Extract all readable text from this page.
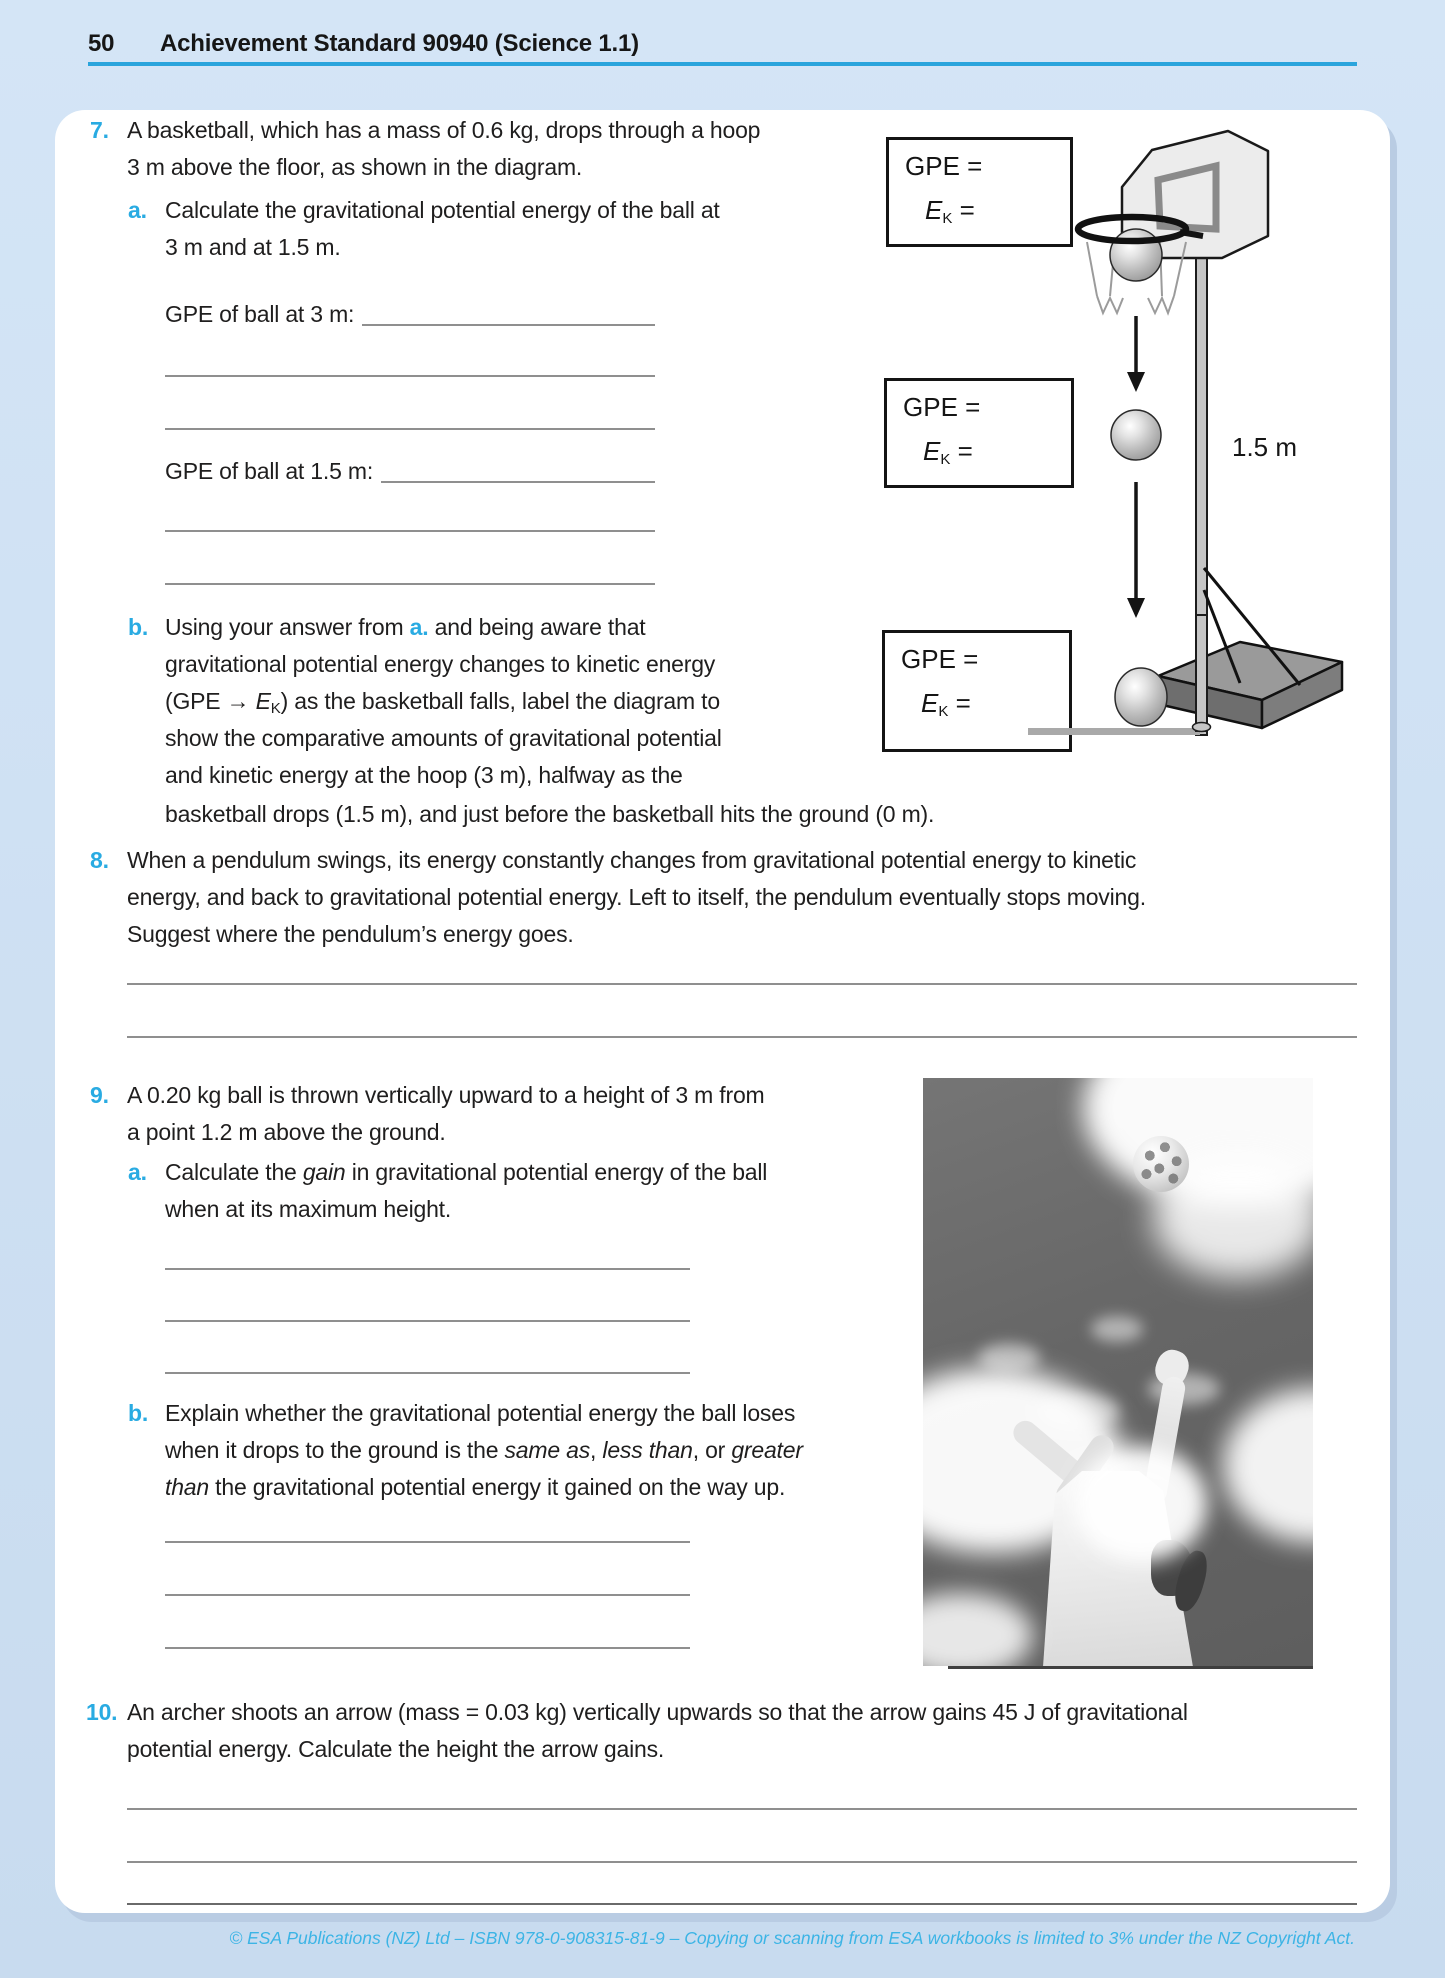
50 Achievement Standard 90940 (Science 1.1)
7. A basketball, which has a mass of 0.6 kg, drops through a hoop
3 m above the floor, as shown in the diagram.
a. Calculate the gravitational potential energy of the ball at
3 m and at 1.5 m.
GPE of ball at 3 m:
GPE of ball at 1.5 m:
b. Using your answer from a. and being aware that
gravitational potential energy changes to kinetic energy
(GPE → EK) as the basketball falls, label the diagram to
show the comparative amounts of gravitational potential
and kinetic energy at the hoop (3 m), halfway as the
basketball drops (1.5 m), and just before the basketball hits the ground (0 m).
GPE =
EK =
GPE =
EK =
GPE =
EK =
1.5 m
8. When a pendulum swings, its energy constantly changes from gravitational potential energy to kinetic
energy, and back to gravitational potential energy. Left to itself, the pendulum eventually stops moving.
Suggest where the pendulum’s energy goes.
9. A 0.20 kg ball is thrown vertically upward to a height of 3 m from
a point 1.2 m above the ground.
a. Calculate the gain in gravitational potential energy of the ball
when at its maximum height.
b. Explain whether the gravitational potential energy the ball loses
when it drops to the ground is the same as, less than, or greater
than the gravitational potential energy it gained on the way up.
10. An archer shoots an arrow (mass = 0.03 kg) vertically upwards so that the arrow gains 45 J of gravitational
potential energy. Calculate the height the arrow gains.
© ESA Publications (NZ) Ltd – ISBN 978-0-908315-81-9 – Copying or scanning from ESA workbooks is limited to 3% under the NZ Copyright Act.
